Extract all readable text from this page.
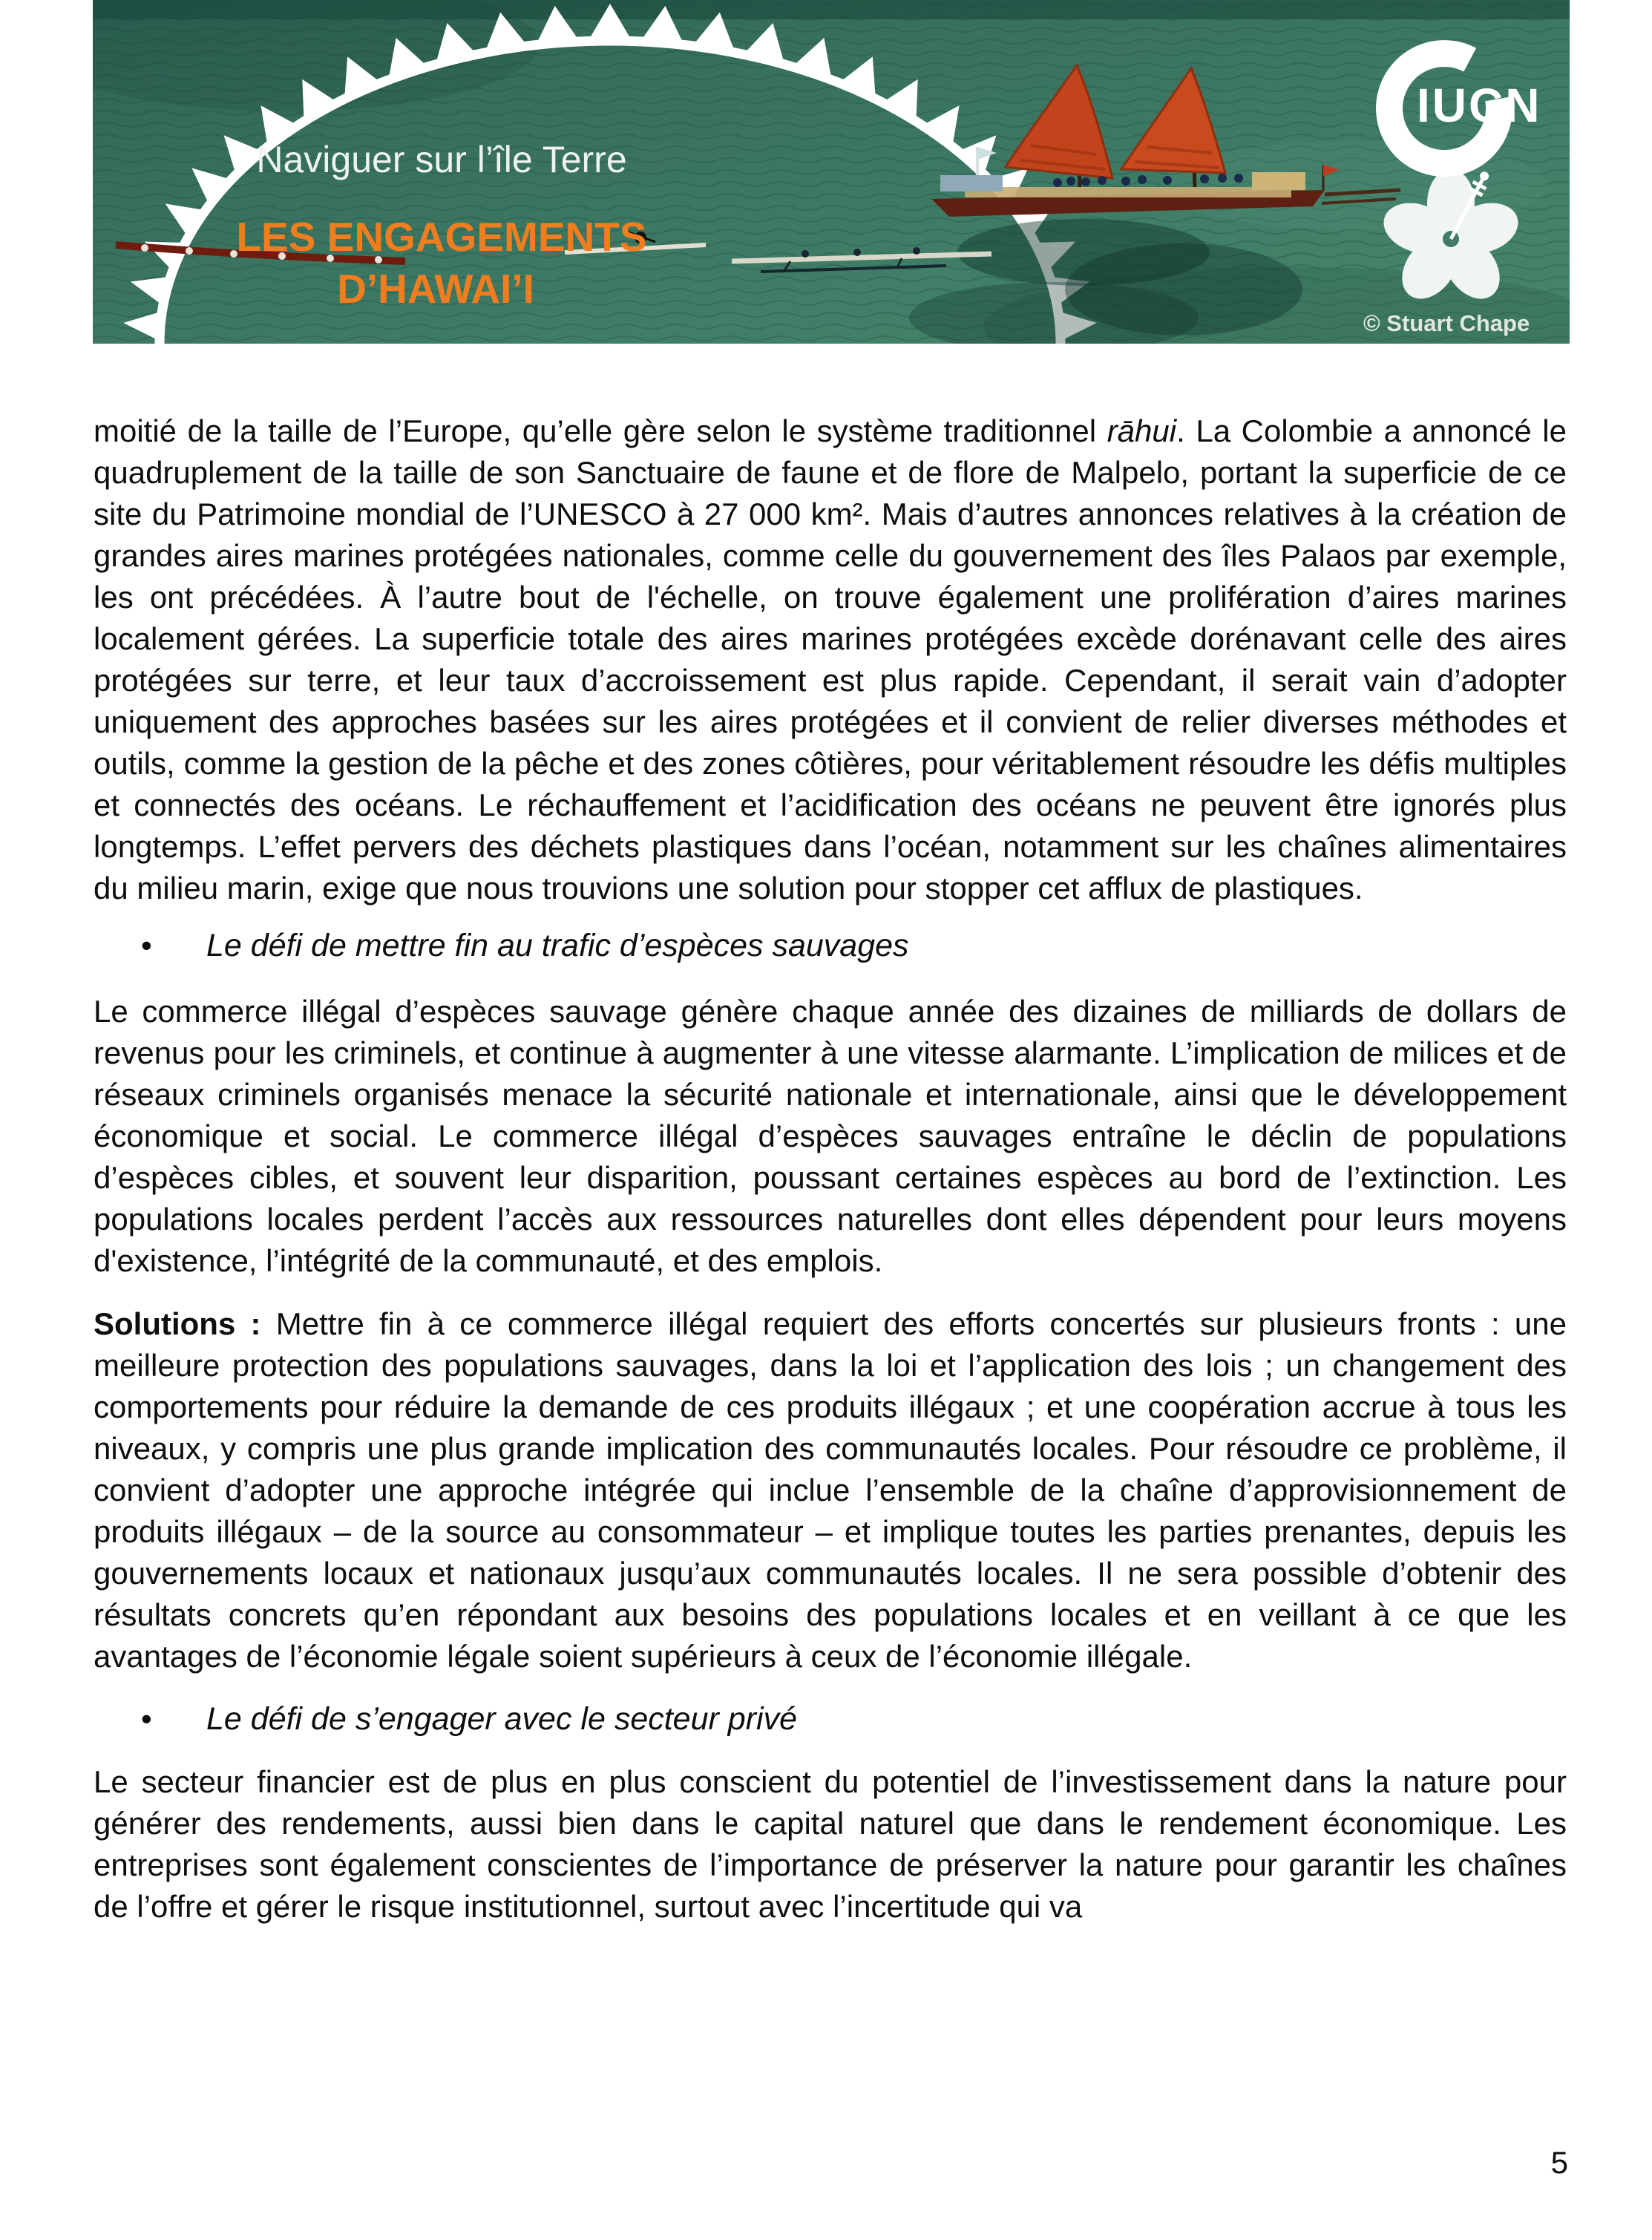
IUCN
Naviguer sur l’île Terre
LES ENGAGEMENTS
D’HAWAI’I
© Stuart Chape

moitié de la taille de l’Europe, qu’elle gère selon le système traditionnel rāhui. La Colombie a annoncé le quadruplement de la taille de son Sanctuaire de faune et de flore de Malpelo, portant la superficie de ce site du Patrimoine mondial de l’UNESCO à 27 000 km². Mais d’autres annonces relatives à la création de grandes aires marines protégées nationales, comme celle du gouvernement des îles Palaos par exemple, les ont précédées. À l’autre bout de l'échelle, on trouve également une prolifération d’aires marines localement gérées. La superficie totale des aires marines protégées excède dorénavant celle des aires protégées sur terre, et leur taux d’accroissement est plus rapide. Cependant, il serait vain d’adopter uniquement des approches basées sur les aires protégées et il convient de relier diverses méthodes et outils, comme la gestion de la pêche et des zones côtières, pour véritablement résoudre les défis multiples et connectés des océans. Le réchauffement et l’acidification des océans ne peuvent être ignorés plus longtemps. L’effet pervers des déchets plastiques dans l’océan, notamment sur les chaînes alimentaires du milieu marin, exige que nous trouvions une solution pour stopper cet afflux de plastiques.

•	Le défi de mettre fin au trafic d’espèces sauvages

Le commerce illégal d’espèces sauvage génère chaque année des dizaines de milliards de dollars de revenus pour les criminels, et continue à augmenter à une vitesse alarmante. L’implication de milices et de réseaux criminels organisés menace la sécurité nationale et internationale, ainsi que le développement économique et social. Le commerce illégal d’espèces sauvages entraîne le déclin de populations d’espèces cibles, et souvent leur disparition, poussant certaines espèces au bord de l’extinction. Les populations locales perdent l’accès aux ressources naturelles dont elles dépendent pour leurs moyens d'existence, l’intégrité de la communauté, et des emplois.

Solutions : Mettre fin à ce commerce illégal requiert des efforts concertés sur plusieurs fronts : une meilleure protection des populations sauvages, dans la loi et l’application des lois ; un changement des comportements pour réduire la demande de ces produits illégaux ; et une coopération accrue à tous les niveaux, y compris une plus grande implication des communautés locales. Pour résoudre ce problème, il convient d’adopter une approche intégrée qui inclue l’ensemble de la chaîne d’approvisionnement de produits illégaux – de la source au consommateur – et implique toutes les parties prenantes, depuis les gouvernements locaux et nationaux jusqu’aux communautés locales. Il ne sera possible d’obtenir des résultats concrets qu’en répondant aux besoins des populations locales et en veillant à ce que les avantages de l’économie légale soient supérieurs à ceux de l’économie illégale.

•	Le défi de s’engager avec le secteur privé

Le secteur financier est de plus en plus conscient du potentiel de l’investissement dans la nature pour générer des rendements, aussi bien dans le capital naturel que dans le rendement économique. Les entreprises sont également conscientes de l’importance de préserver la nature pour garantir les chaînes de l’offre et gérer le risque institutionnel, surtout avec l’incertitude qui va

5
